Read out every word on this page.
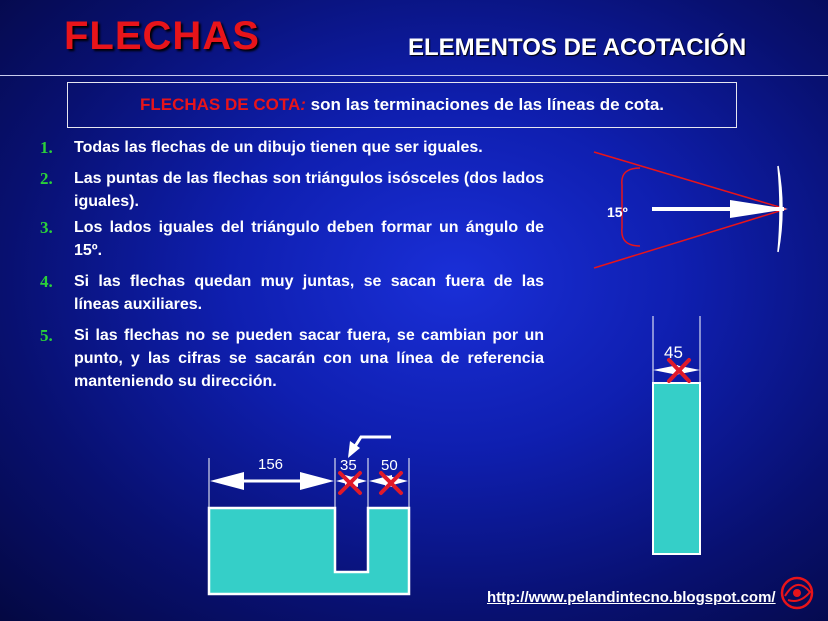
FLECHAS	ELEMENTOS DE ACOTACIÓN
FLECHAS DE COTA: son las terminaciones de las líneas de cota.
1.	Todas las flechas de un dibujo tienen que ser iguales.
2.	Las puntas de las flechas son triángulos isósceles (dos lados iguales).
3.	Los lados iguales del triángulo deben formar un ángulo de 15º.
4.	Si las flechas quedan muy juntas, se sacan fuera de las líneas auxiliares.
5.	Si las flechas no se pueden sacar fuera, se cambian por un punto, y las cifras se sacarán con una línea de referencia manteniendo su dirección.
15º
45
156	35 50
http://www.pelandintecno.blogspot.com/
